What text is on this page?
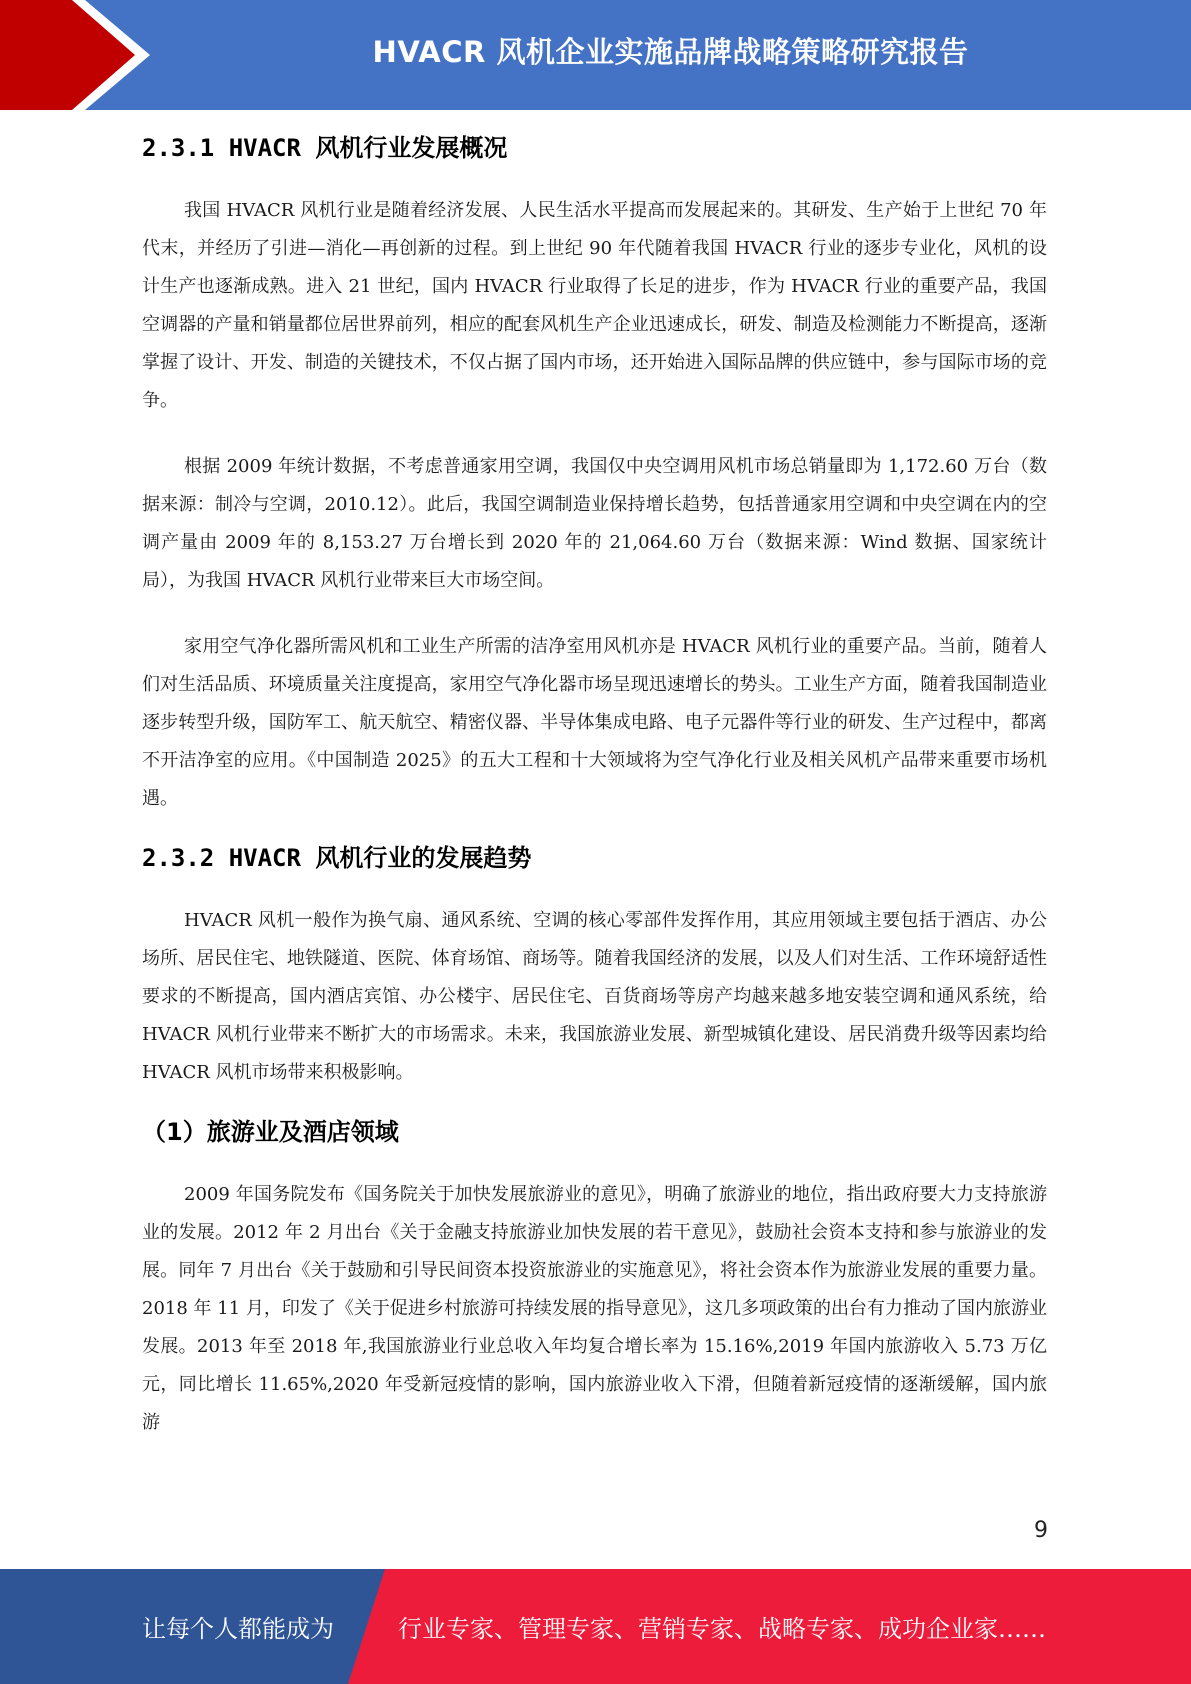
HVACR 风机企业实施品牌战略策略研究报告
2.3.1 HVACR 风机行业发展概况

我国 HVACR 风机行业是随着经济发展、人民生活水平提高而发展起来的。其研发、生产始于上世纪 70 年代末，并经历了引进—消化—再创新的过程。到上世纪 90 年代随着我国 HVACR 行业的逐步专业化，风机的设计生产也逐渐成熟。进入 21 世纪，国内 HVACR 行业取得了长足的进步，作为 HVACR 行业的重要产品，我国空调器的产量和销量都位居世界前列，相应的配套风机生产企业迅速成长，研发、制造及检测能力不断提高，逐渐掌握了设计、开发、制造的关键技术，不仅占据了国内市场，还开始进入国际品牌的供应链中，参与国际市场的竞争。

根据 2009 年统计数据，不考虑普通家用空调，我国仅中央空调用风机市场总销量即为 1,172.60 万台（数据来源：制冷与空调，2010.12）。此后，我国空调制造业保持增长趋势，包括普通家用空调和中央空调在内的空调产量由 2009 年的 8,153.27 万台增长到 2020 年的 21,064.60 万台（数据来源：Wind 数据、国家统计局），为我国 HVACR 风机行业带来巨大市场空间。

家用空气净化器所需风机和工业生产所需的洁净室用风机亦是 HVACR 风机行业的重要产品。当前，随着人们对生活品质、环境质量关注度提高，家用空气净化器市场呈现迅速增长的势头。工业生产方面，随着我国制造业逐步转型升级，国防军工、航天航空、精密仪器、半导体集成电路、电子元器件等行业的研发、生产过程中，都离不开洁净室的应用。《中国制造 2025》的五大工程和十大领域将为空气净化行业及相关风机产品带来重要市场机遇。

2.3.2 HVACR 风机行业的发展趋势

HVACR 风机一般作为换气扇、通风系统、空调的核心零部件发挥作用，其应用领域主要包括于酒店、办公场所、居民住宅、地铁隧道、医院、体育场馆、商场等。随着我国经济的发展，以及人们对生活、工作环境舒适性要求的不断提高，国内酒店宾馆、办公楼宇、居民住宅、百货商场等房产均越来越多地安装空调和通风系统，给 HVACR 风机行业带来不断扩大的市场需求。未来，我国旅游业发展、新型城镇化建设、居民消费升级等因素均给 HVACR 风机市场带来积极影响。

（1）旅游业及酒店领域

2009 年国务院发布《国务院关于加快发展旅游业的意见》，明确了旅游业的地位，指出政府要大力支持旅游业的发展。2012 年 2 月出台《关于金融支持旅游业加快发展的若干意见》，鼓励社会资本支持和参与旅游业的发展。同年 7 月出台《关于鼓励和引导民间资本投资旅游业的实施意见》，将社会资本作为旅游业发展的重要力量。2018 年 11 月，印发了《关于促进乡村旅游可持续发展的指导意见》，这几多项政策的出台有力推动了国内旅游业发展。2013 年至 2018 年,我国旅游业行业总收入年均复合增长率为 15.16%,2019 年国内旅游收入 5.73 万亿元，同比增长 11.65%,2020 年受新冠疫情的影响，国内旅游业收入下滑，但随着新冠疫情的逐渐缓解，国内旅游

9
让每个人都能成为	行业专家、管理专家、营销专家、战略专家、成功企业家……
